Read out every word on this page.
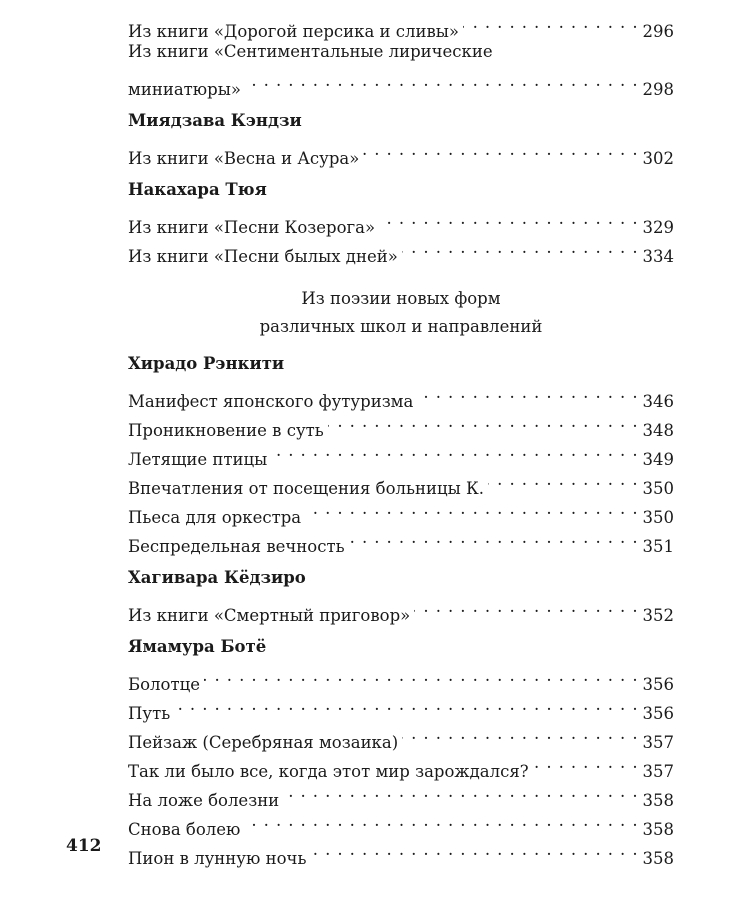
Из книги «Дорогой персика и сливы» . . .	296
Из книги «Сентиментальные лирические
миниатюры» . . .	298
Миядзава Кэндзи
Из книги «Весна и Асура» . . .	302
Накахара Тюя
Из книги «Песни Козерога» . . .	329
Из книги «Песни былых дней» . . .	334
Из поэзии новых форм
различных школ и направлений
Хирадо Рэнкити
Манифест японского футуризма . . .	346
Проникновение в суть . . .	348
Летящие птицы . . .	349
Впечатления от посещения больницы К. . . .	350
Пьеса для оркестра . . .	350
Беспредельная вечность . . .	351
Хагивара Кёдзиро
Из книги «Смертный приговор» . . .	352
Ямамура Ботё
Болотце . . .	356
Путь . . .	356
Пейзаж (Серебряная мозаика) . . .	357
Так ли было все, когда этот мир зарождался? . . .	357
На ложе болезни . . .	358
Снова болею . . .	358
Пион в лунную ночь . . .	358
412
